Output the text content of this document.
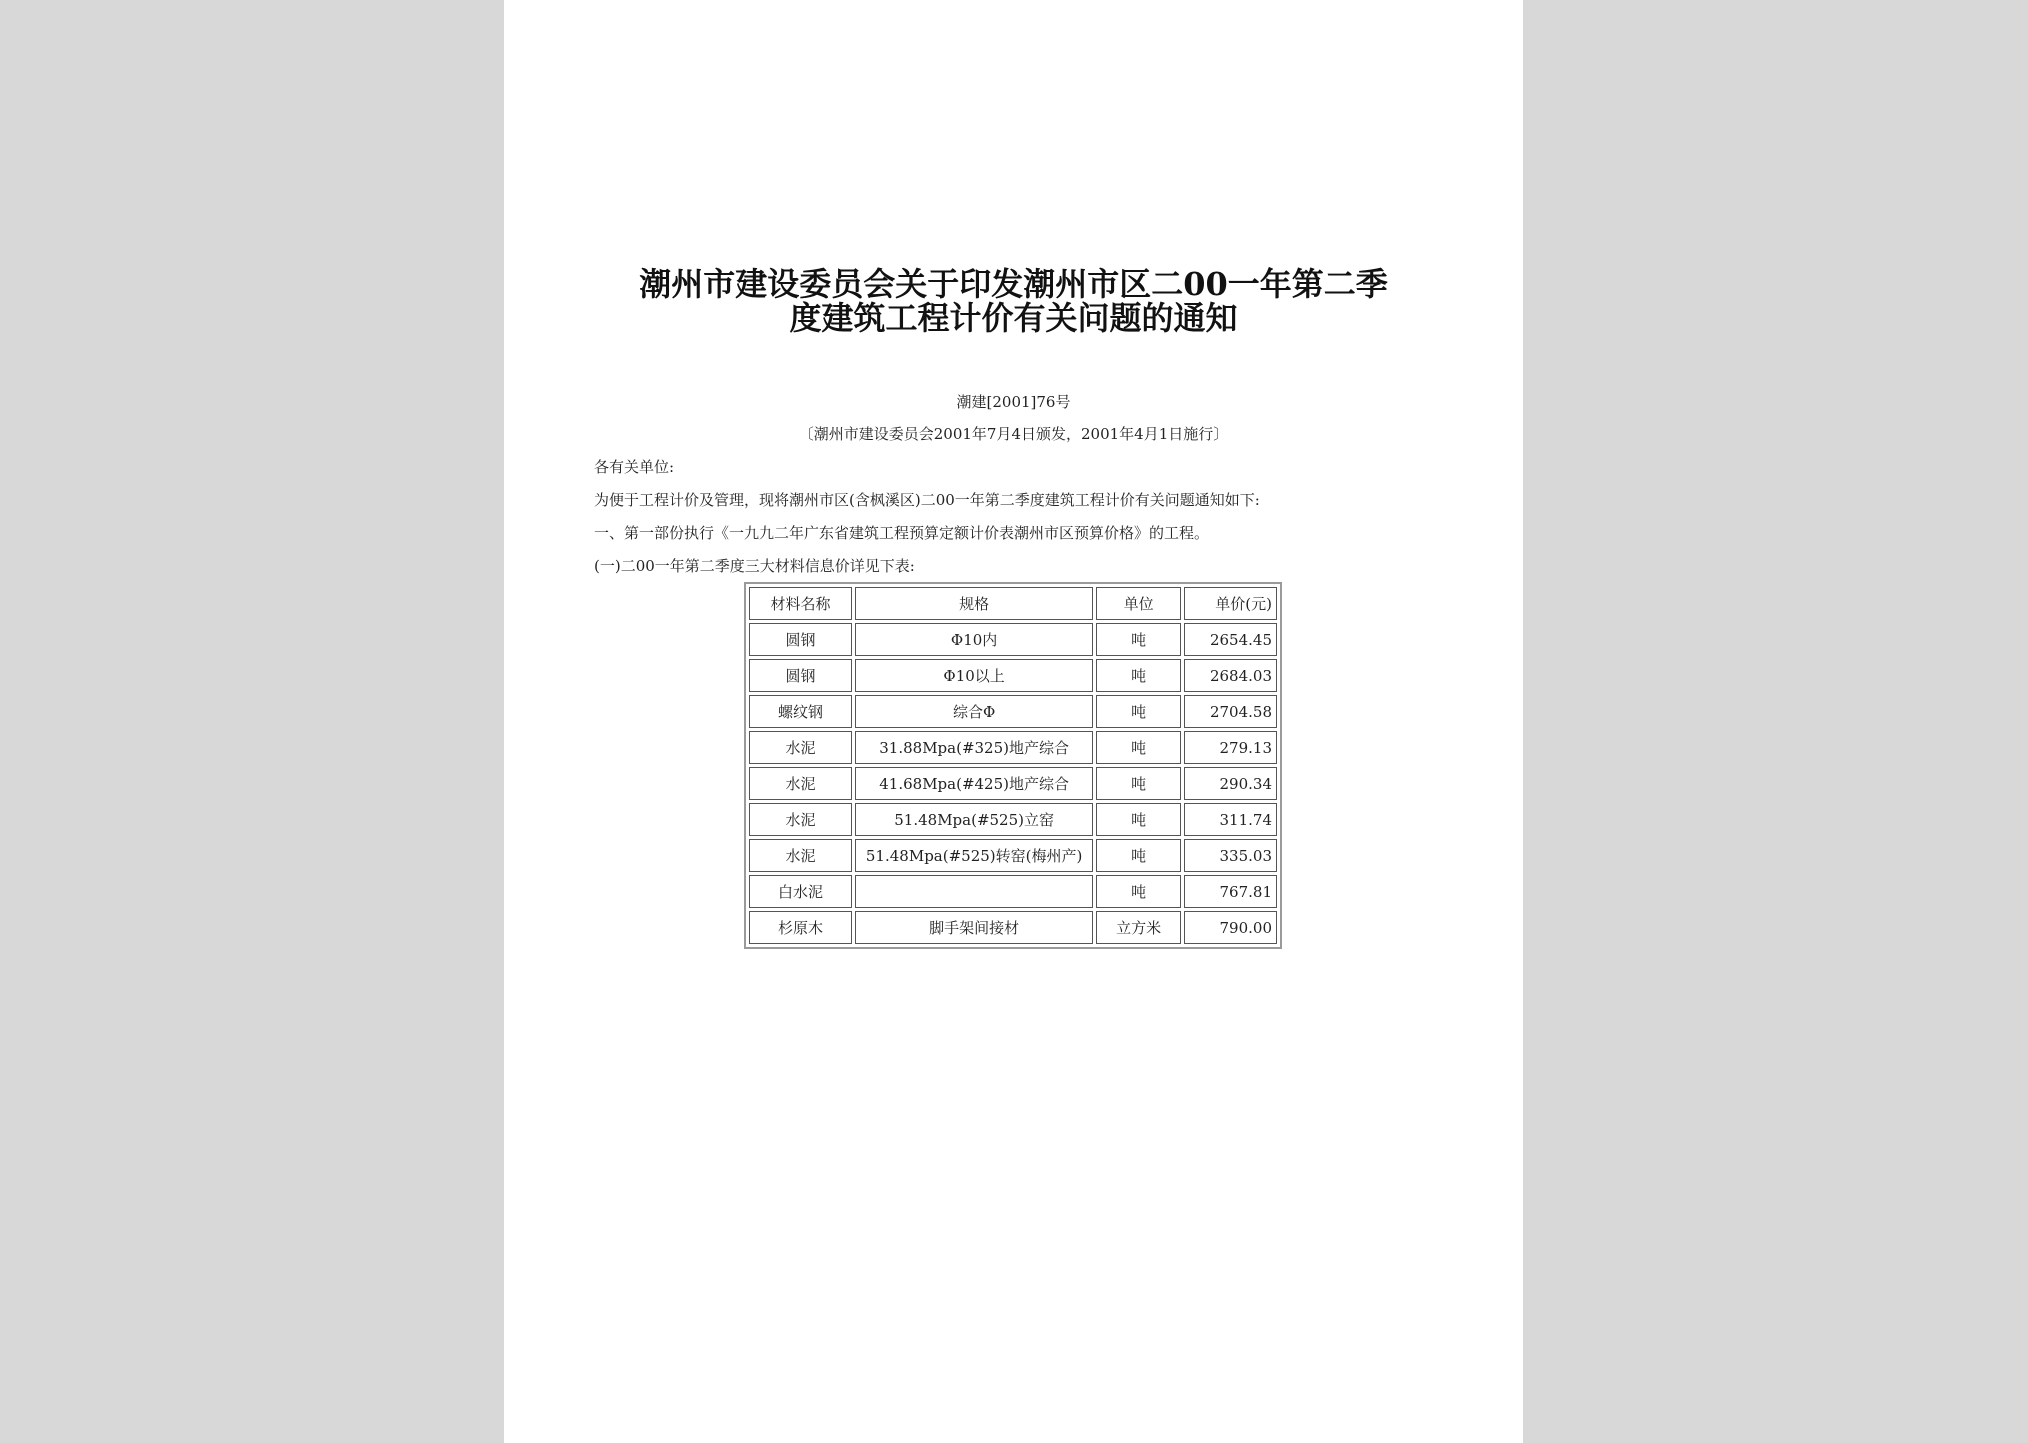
潮州市建设委员会关于印发潮州市区二00一年第二季
度建筑工程计价有关问题的通知
潮建[2001]76号
〔潮州市建设委员会2001年7月4日颁发，2001年4月1日施行〕
各有关单位:
为便于工程计价及管理，现将潮州市区(含枫溪区)二00一年第二季度建筑工程计价有关问题通知如下:
一、第一部份执行《一九九二年广东省建筑工程预算定额计价表潮州市区预算价格》的工程。
(一)二00一年第二季度三大材料信息价详见下表:
材料名称	规格	单位	单价(元)
圆钢	Φ10内	吨	2654.45
圆钢	Φ10以上	吨	2684.03
螺纹钢	综合Φ	吨	2704.58
水泥	31.88Mpa(#325)地产综合	吨	279.13
水泥	41.68Mpa(#425)地产综合	吨	290.34
水泥	51.48Mpa(#525)立窑	吨	311.74
水泥	51.48Mpa(#525)转窑(梅州产)	吨	335.03
白水泥		吨	767.81
杉原木	脚手架间接材	立方米	790.00
